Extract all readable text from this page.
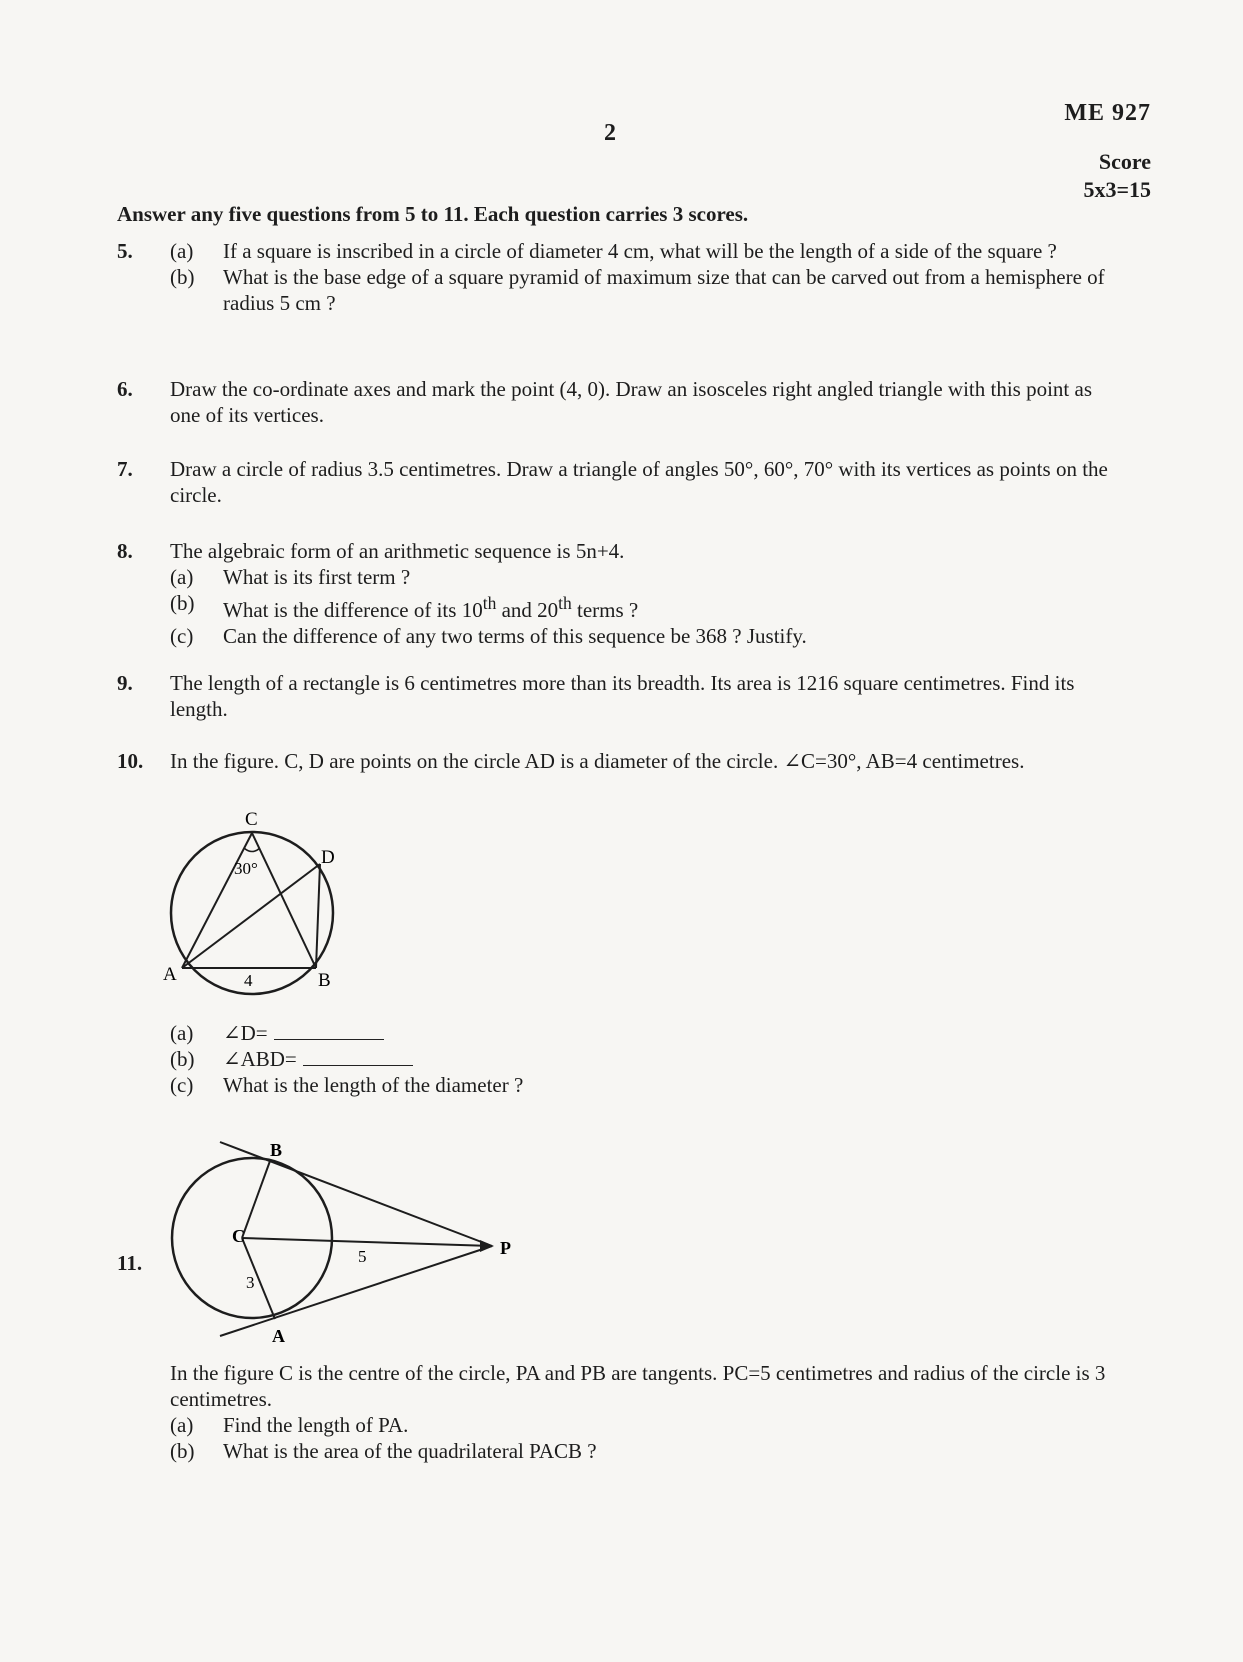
2
ME 927
Score
5x3=15
Answer any five questions from 5 to 11. Each question carries 3 scores.
5. (a) If a square is inscribed in a circle of diameter 4 cm, what will be the length of a side of the square ?
(b) What is the base edge of a square pyramid of maximum size that can be carved out from a hemisphere of radius 5 cm ?
6. Draw the co-ordinate axes and mark the point (4, 0). Draw an isosceles right angled triangle with this point as one of its vertices.
7. Draw a circle of radius 3.5 centimetres. Draw a triangle of angles 50°, 60°, 70° with its vertices as points on the circle.
8. The algebraic form of an arithmetic sequence is 5n+4.
(a) What is its first term ?
(b) What is the difference of its 10th and 20th terms ?
(c) Can the difference of any two terms of this sequence be 368 ? Justify.
9. The length of a rectangle is 6 centimetres more than its breadth. Its area is 1216 square centimetres. Find its length.
10. In the figure. C, D are points on the circle AD is a diameter of the circle. ∠C=30°, AB=4 centimetres.
C
D
A	B
30°
4
(a) ∠D=
(b) ∠ABD=
(c) What is the length of the diameter ?
11.
B
C
P
A
5
3
In the figure C is the centre of the circle, PA and PB are tangents. PC=5 centimetres and radius of the circle is 3 centimetres.
(a) Find the length of PA.
(b) What is the area of the quadrilateral PACB ?
